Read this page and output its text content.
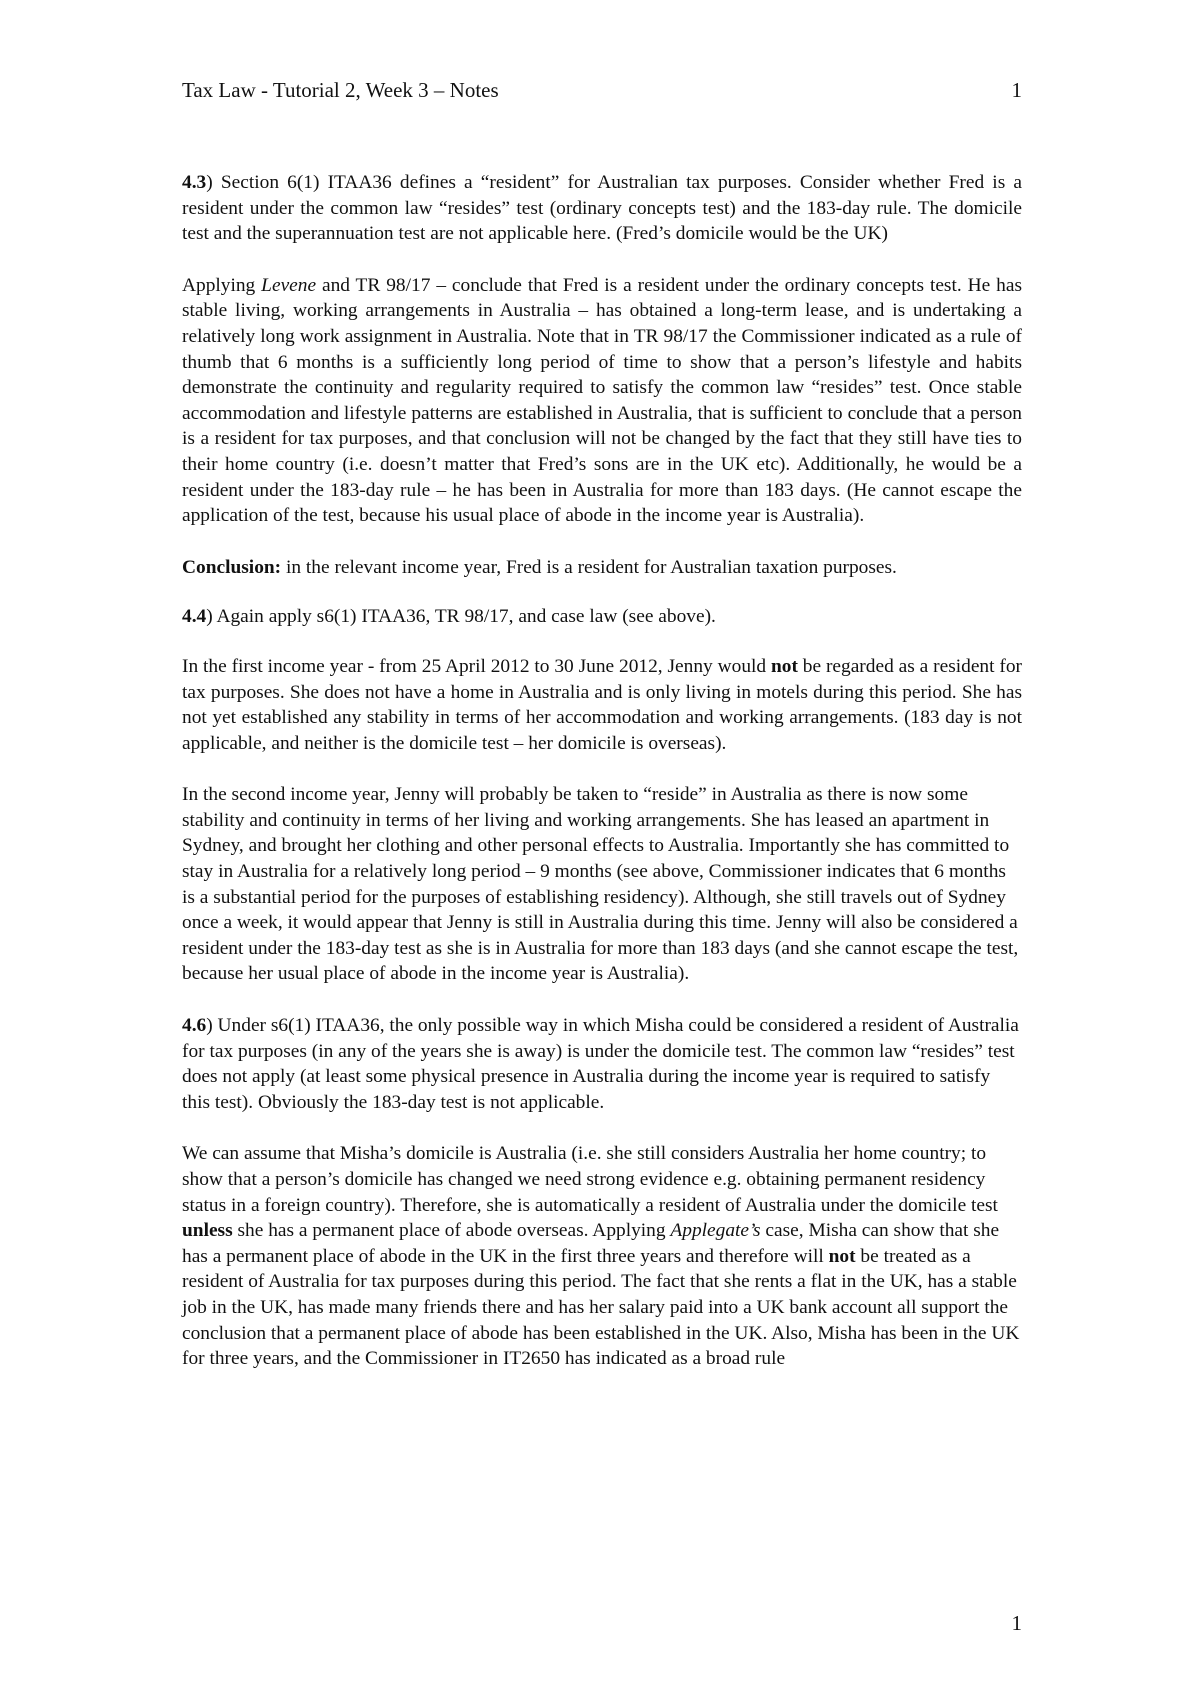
Tax Law - Tutorial 2, Week 3 – Notes	1

4.3) Section 6(1) ITAA36 defines a “resident” for Australian tax purposes. Consider whether Fred is a resident under the common law “resides” test (ordinary concepts test) and the 183-day rule. The domicile test and the superannuation test are not applicable here. (Fred’s domicile would be the UK)

Applying Levene and TR 98/17 – conclude that Fred is a resident under the ordinary concepts test. He has stable living, working arrangements in Australia – has obtained a long-term lease, and is undertaking a relatively long work assignment in Australia. Note that in TR 98/17 the Commissioner indicated as a rule of thumb that 6 months is a sufficiently long period of time to show that a person’s lifestyle and habits demonstrate the continuity and regularity required to satisfy the common law “resides” test. Once stable accommodation and lifestyle patterns are established in Australia, that is sufficient to conclude that a person is a resident for tax purposes, and that conclusion will not be changed by the fact that they still have ties to their home country (i.e. doesn’t matter that Fred’s sons are in the UK etc). Additionally, he would be a resident under the 183-day rule – he has been in Australia for more than 183 days. (He cannot escape the application of the test, because his usual place of abode in the income year is Australia).

Conclusion: in the relevant income year, Fred is a resident for Australian taxation purposes.

4.4) Again apply s6(1) ITAA36, TR 98/17, and case law (see above).

In the first income year - from 25 April 2012 to 30 June 2012, Jenny would not be regarded as a resident for tax purposes. She does not have a home in Australia and is only living in motels during this period. She has not yet established any stability in terms of her accommodation and working arrangements. (183 day is not applicable, and neither is the domicile test – her domicile is overseas).

In the second income year, Jenny will probably be taken to “reside” in Australia as there is now some stability and continuity in terms of her living and working arrangements. She has leased an apartment in Sydney, and brought her clothing and other personal effects to Australia. Importantly she has committed to stay in Australia for a relatively long period – 9 months (see above, Commissioner indicates that 6 months is a substantial period for the purposes of establishing residency). Although, she still travels out of Sydney once a week, it would appear that Jenny is still in Australia during this time. Jenny will also be considered a resident under the 183-day test as she is in Australia for more than 183 days (and she cannot escape the test, because her usual place of abode in the income year is Australia).

4.6) Under s6(1) ITAA36, the only possible way in which Misha could be considered a resident of Australia for tax purposes (in any of the years she is away) is under the domicile test. The common law “resides” test does not apply (at least some physical presence in Australia during the income year is required to satisfy this test). Obviously the 183-day test is not applicable.

We can assume that Misha’s domicile is Australia (i.e. she still considers Australia her home country; to show that a person’s domicile has changed we need strong evidence e.g. obtaining permanent residency status in a foreign country). Therefore, she is automatically a resident of Australia under the domicile test unless she has a permanent place of abode overseas. Applying Applegate’s case, Misha can show that she has a permanent place of abode in the UK in the first three years and therefore will not be treated as a resident of Australia for tax purposes during this period. The fact that she rents a flat in the UK, has a stable job in the UK, has made many friends there and has her salary paid into a UK bank account all support the conclusion that a permanent place of abode has been established in the UK. Also, Misha has been in the UK for three years, and the Commissioner in IT2650 has indicated as a broad rule

1
